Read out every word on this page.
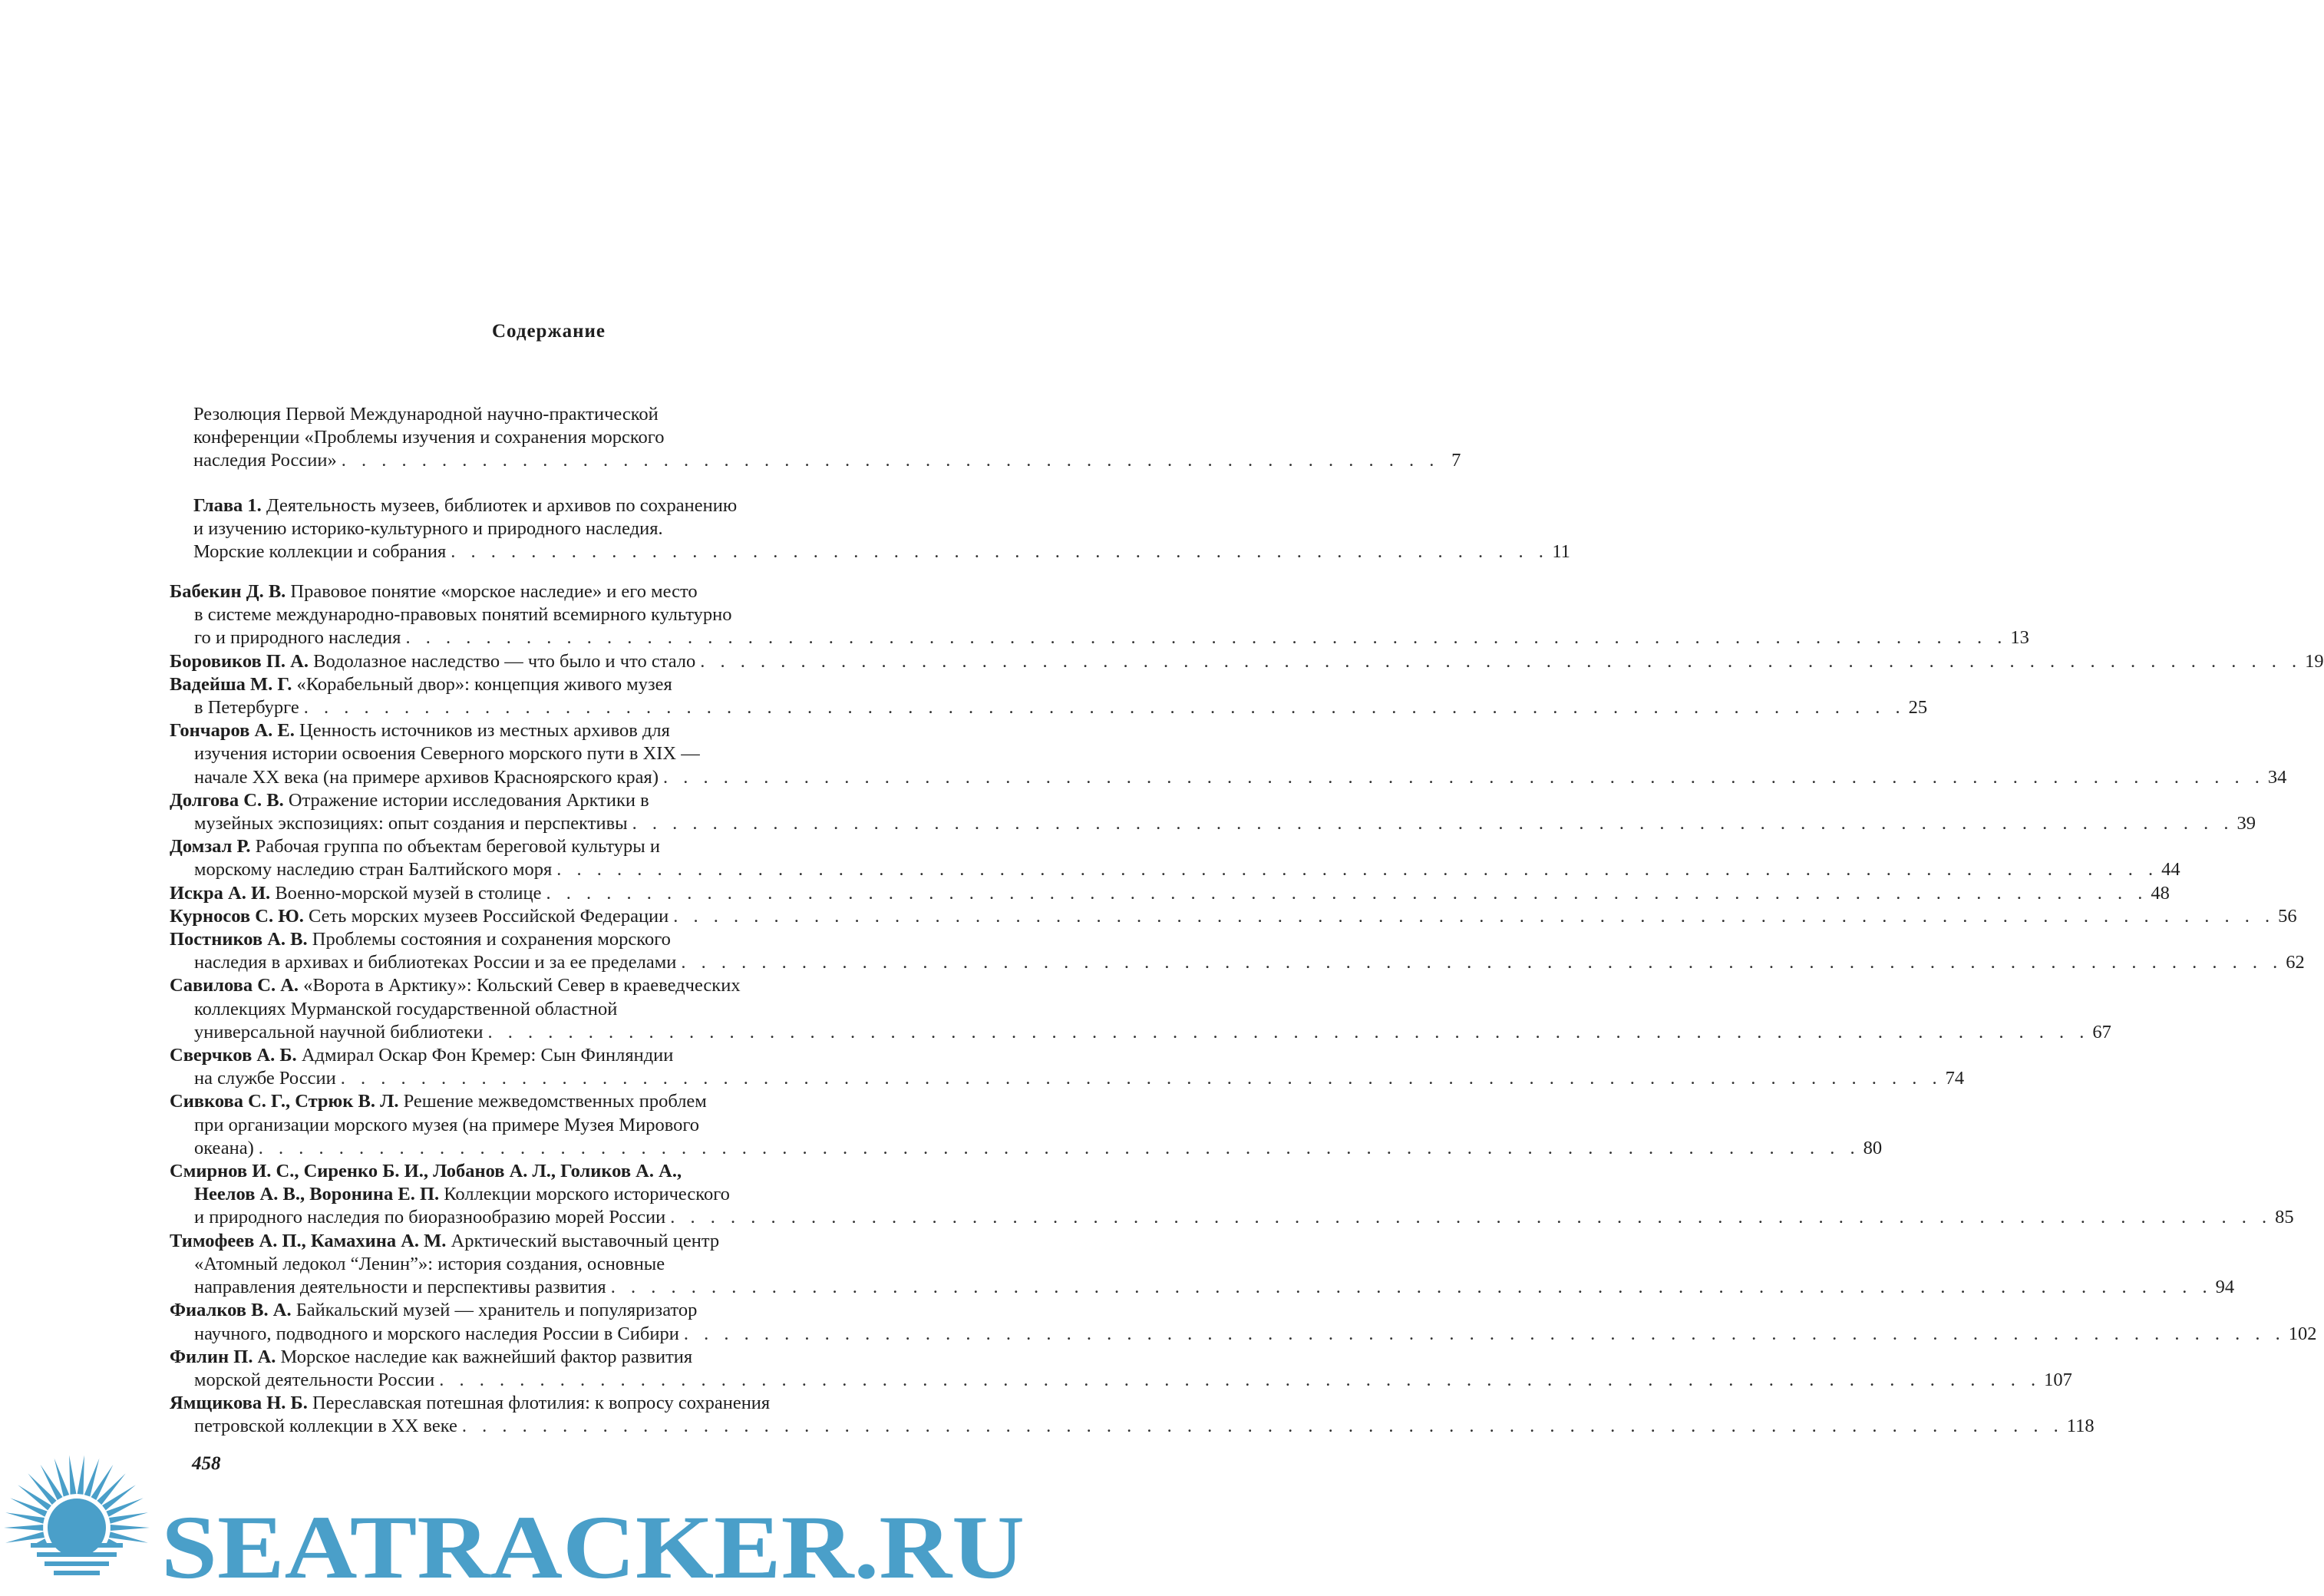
Содержание
Резолюция Первой Международной научно-практической
конференции «Проблемы изучения и сохранения морского
наследия России» . . . . . . . . . . . . . . . . . . . . . . . . . . . . . . . . . . . . . . . . . . . . . . . . . . . . . . . 7
Глава 1. Деятельность музеев, библиотек и архивов по сохранению
и изучению историко-культурного и природного наследия.
Морские коллекции и собрания . . . . . . . . . . . . . . . . . . . . . . . . . . . . . . . . . . . . . . . . . . . . . . . . . . . . . . . 11
Бабекин Д. В. Правовое понятие «морское наследие» и его место
в системе международно-правовых понятий всемирного культурно
го и природного наследия . . . . . . . . . . . . . . . . . . . . . . . . . . . . . . . . . . . . . . . . . . . . . . . . . . . . . . . . . . . . . . . . . . . . . . . . . . . . . . . . 13
Боровиков П. А. Водолазное наследство — что было и что стало . . . . . . . . . . . . . . . . . . . . . . . . . . . . . . . . . . . . . . . . . . . . . . . . . . . . . . . . . . . . . . . . . . . . . . . . . . . . . . . . 19
Вадейша М. Г. «Корабельный двор»: концепция живого музея
в Петербурге . . . . . . . . . . . . . . . . . . . . . . . . . . . . . . . . . . . . . . . . . . . . . . . . . . . . . . . . . . . . . . . . . . . . . . . . . . . . . . . . 25
Гончаров А. Е. Ценность источников из местных архивов для
изучения истории освоения Северного морского пути в XIX —
начале XX века (на примере архивов Красноярского края) . . . . . . . . . . . . . . . . . . . . . . . . . . . . . . . . . . . . . . . . . . . . . . . . . . . . . . . . . . . . . . . . . . . . . . . . . . . . . . . . 34
Долгова С. В. Отражение истории исследования Арктики в
музейных экспозициях: опыт создания и перспективы . . . . . . . . . . . . . . . . . . . . . . . . . . . . . . . . . . . . . . . . . . . . . . . . . . . . . . . . . . . . . . . . . . . . . . . . . . . . . . . . 39
Домзал Р. Рабочая группа по объектам береговой культуры и
морскому наследию стран Балтийского моря . . . . . . . . . . . . . . . . . . . . . . . . . . . . . . . . . . . . . . . . . . . . . . . . . . . . . . . . . . . . . . . . . . . . . . . . . . . . . . . . 44
Искра А. И. Военно-морской музей в столице . . . . . . . . . . . . . . . . . . . . . . . . . . . . . . . . . . . . . . . . . . . . . . . . . . . . . . . . . . . . . . . . . . . . . . . . . . . . . . . . 48
Курносов С. Ю. Сеть морских музеев Российской Федерации . . . . . . . . . . . . . . . . . . . . . . . . . . . . . . . . . . . . . . . . . . . . . . . . . . . . . . . . . . . . . . . . . . . . . . . . . . . . . . . . 56
Постников А. В. Проблемы состояния и сохранения морского
наследия в архивах и библиотеках России и за ее пределами . . . . . . . . . . . . . . . . . . . . . . . . . . . . . . . . . . . . . . . . . . . . . . . . . . . . . . . . . . . . . . . . . . . . . . . . . . . . . . . . 62
Савилова С. А. «Ворота в Арктику»: Кольский Север в краеведческих
коллекциях Мурманской государственной областной
универсальной научной библиотеки . . . . . . . . . . . . . . . . . . . . . . . . . . . . . . . . . . . . . . . . . . . . . . . . . . . . . . . . . . . . . . . . . . . . . . . . . . . . . . . . 67
Сверчков А. Б. Адмирал Оскар Фон Кремер: Сын Финляндии
на службе России . . . . . . . . . . . . . . . . . . . . . . . . . . . . . . . . . . . . . . . . . . . . . . . . . . . . . . . . . . . . . . . . . . . . . . . . . . . . . . . . 74
Сивкова С. Г., Стрюк В. Л. Решение межведомственных проблем
при организации морского музея (на примере Музея Мирового
океана) . . . . . . . . . . . . . . . . . . . . . . . . . . . . . . . . . . . . . . . . . . . . . . . . . . . . . . . . . . . . . . . . . . . . . . . . . . . . . . . . 80
Смирнов И. С., Сиренко Б. И., Лобанов А. Л., Голиков А. А.,
Неелов А. В., Воронина Е. П. Коллекции морского исторического
и природного наследия по биоразнообразию морей России . . . . . . . . . . . . . . . . . . . . . . . . . . . . . . . . . . . . . . . . . . . . . . . . . . . . . . . . . . . . . . . . . . . . . . . . . . . . . . . . 85
Тимофеев А. П., Камахина А. М. Арктический выставочный центр
«Атомный ледокол “Ленин”»: история создания, основные
направления деятельности и перспективы развития . . . . . . . . . . . . . . . . . . . . . . . . . . . . . . . . . . . . . . . . . . . . . . . . . . . . . . . . . . . . . . . . . . . . . . . . . . . . . . . . 94
Фиалков В. А. Байкальский музей — хранитель и популяризатор
научного, подводного и морского наследия России в Сибири . . . . . . . . . . . . . . . . . . . . . . . . . . . . . . . . . . . . . . . . . . . . . . . . . . . . . . . . . . . . . . . . . . . . . . . . . . . . . . . . 102
Филин П. А. Морское наследие как важнейший фактор развития
морской деятельности России . . . . . . . . . . . . . . . . . . . . . . . . . . . . . . . . . . . . . . . . . . . . . . . . . . . . . . . . . . . . . . . . . . . . . . . . . . . . . . . . 107
Ямщикова Н. Б. Переславская потешная флотилия: к вопросу сохранения
петровской коллекции в XX веке . . . . . . . . . . . . . . . . . . . . . . . . . . . . . . . . . . . . . . . . . . . . . . . . . . . . . . . . . . . . . . . . . . . . . . . . . . . . . . . . 118
458
SEATRACKER.RU
